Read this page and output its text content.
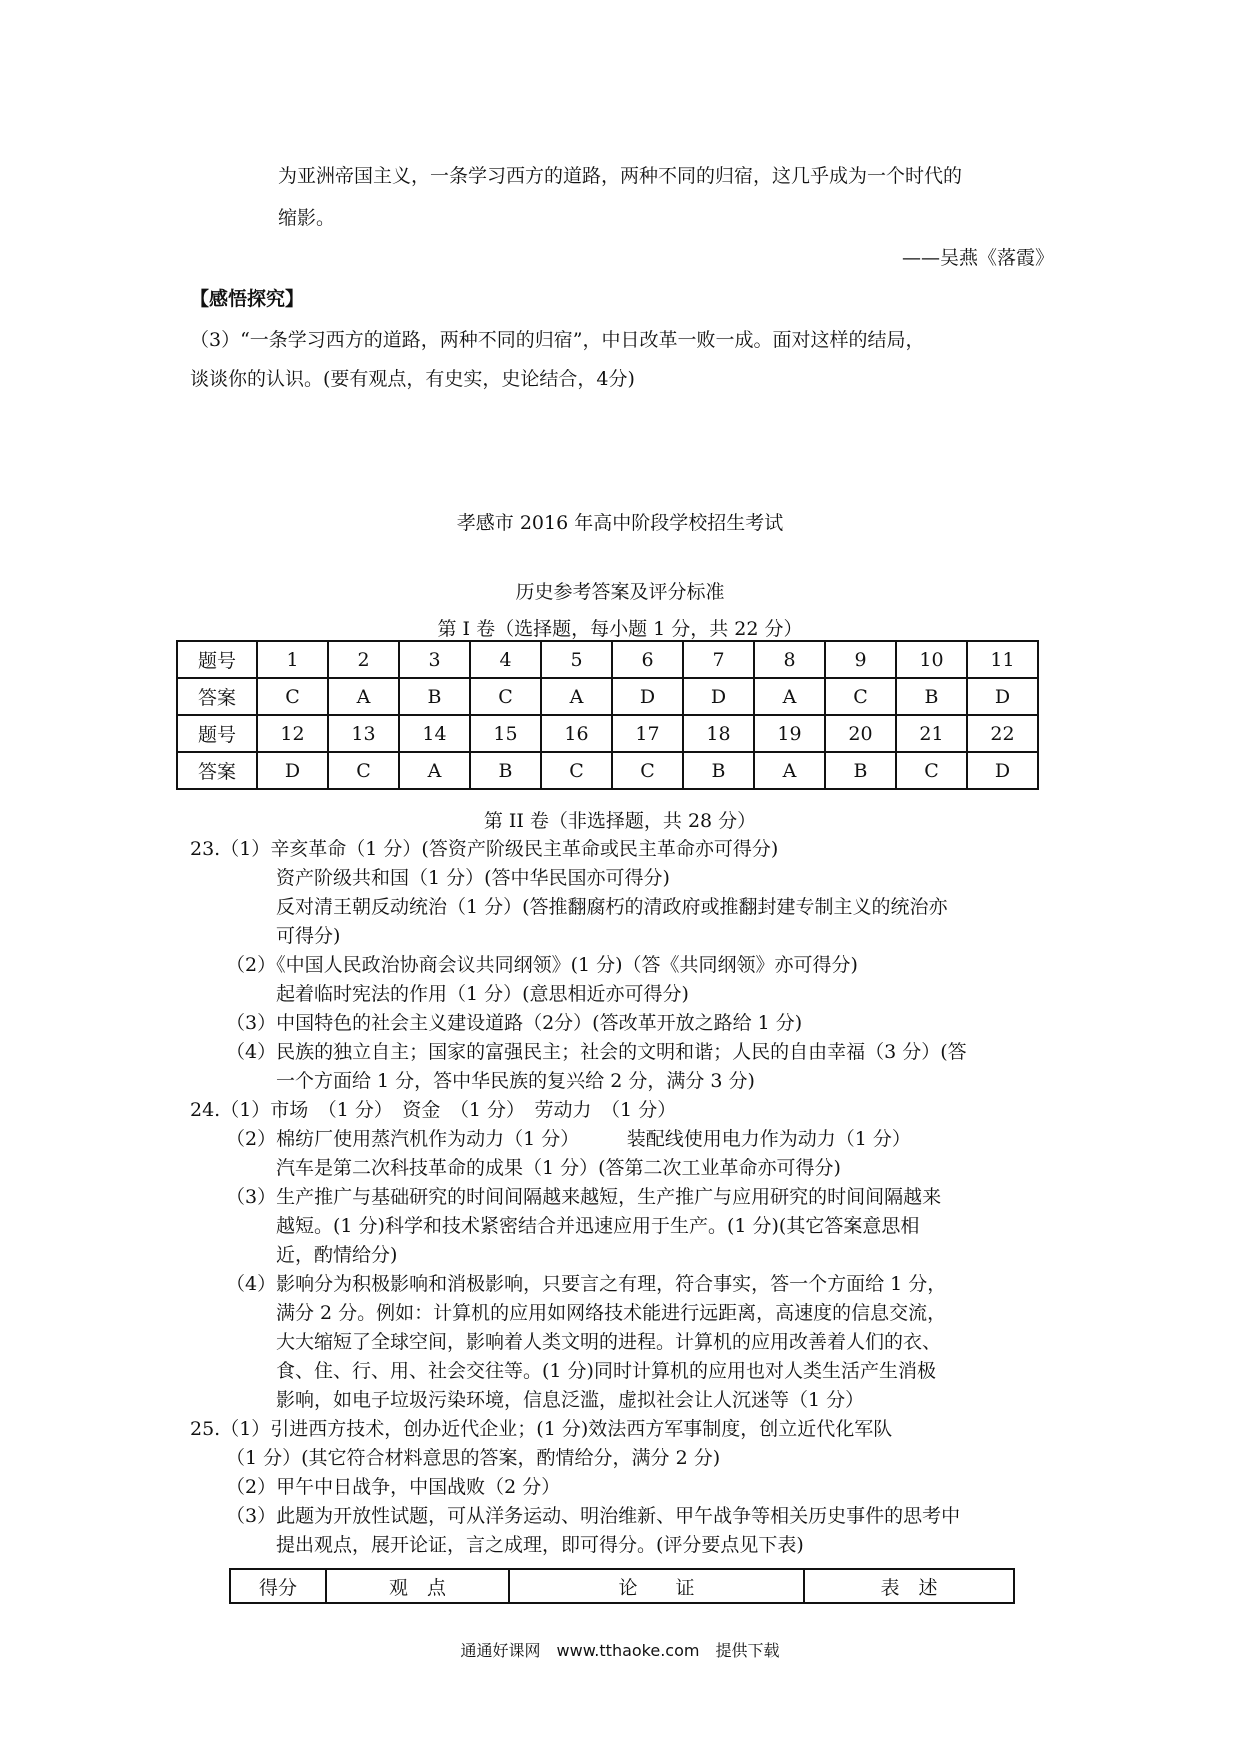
为亚洲帝国主义，一条学习西方的道路，两种不同的归宿，这几乎成为一个时代的
缩影。
——吴燕《落霞》
【感悟探究】
（3）“一条学习西方的道路，两种不同的归宿”，中日改革一败一成。面对这样的结局，
谈谈你的认识。(要有观点，有史实，史论结合，4分)
孝感市 2016 年高中阶段学校招生考试
历史参考答案及评分标准
第 I 卷（选择题，每小题 1 分，共 22 分）
题号	1	2	3	4	5	6	7	8	9	10	11
答案	C	A	B	C	A	D	D	A	C	B	D
题号	12	13	14	15	16	17	18	19	20	21	22
答案	D	C	A	B	C	C	B	A	B	C	D
第 II 卷（非选择题，共 28 分）
23.（1）辛亥革命（1 分）(答资产阶级民主革命或民主革命亦可得分)
资产阶级共和国（1 分）(答中华民国亦可得分)
反对清王朝反动统治（1 分）(答推翻腐朽的清政府或推翻封建专制主义的统治亦
可得分)
（2）《中国人民政治协商会议共同纲领》(1 分)（答《共同纲领》亦可得分)
起着临时宪法的作用（1 分）(意思相近亦可得分)
（3）中国特色的社会主义建设道路（2分）(答改革开放之路给 1 分)
（4）民族的独立自主；国家的富强民主；社会的文明和谐；人民的自由幸福（3 分）(答
一个方面给 1 分，答中华民族的复兴给 2 分，满分 3 分)
24.（1）市场　（1 分）　资金　（1 分）　劳动力　（1 分）
（2）棉纺厂使用蒸汽机作为动力（1 分）　　　装配线使用电力作为动力（1 分）
汽车是第二次科技革命的成果（1 分）(答第二次工业革命亦可得分)
（3）生产推广与基础研究的时间间隔越来越短，生产推广与应用研究的时间间隔越来
越短。(1 分)科学和技术紧密结合并迅速应用于生产。(1 分)(其它答案意思相
近，酌情给分)
（4）影响分为积极影响和消极影响，只要言之有理，符合事实，答一个方面给 1 分，
满分 2 分。例如：计算机的应用如网络技术能进行远距离，高速度的信息交流，
大大缩短了全球空间，影响着人类文明的进程。计算机的应用改善着人们的衣、
食、住、行、用、社会交往等。(1 分)同时计算机的应用也对人类生活产生消极
影响，如电子垃圾污染环境，信息泛滥，虚拟社会让人沉迷等（1 分）
25.（1）引进西方技术，创办近代企业；(1 分)效法西方军事制度，创立近代化军队
（1 分）(其它符合材料意思的答案，酌情给分，满分 2 分)
（2）甲午中日战争，中国战败（2 分）
（3）此题为开放性试题，可从洋务运动、明治维新、甲午战争等相关历史事件的思考中
提出观点，展开论证，言之成理，即可得分。(评分要点见下表)
得分	观　点	论　　证	表　述
通通好课网　www.tthaoke.com　提供下载
